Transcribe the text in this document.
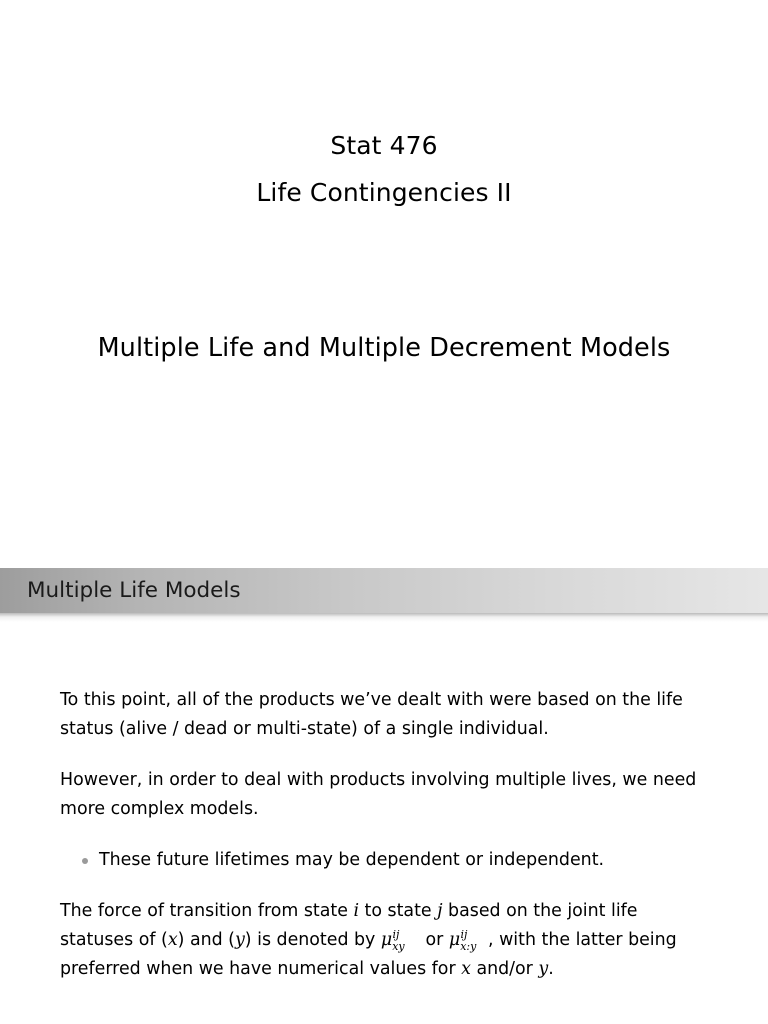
Stat 476
Life Contingencies II
Multiple Life and Multiple Decrement Models
Multiple Life Models
To this point, all of the products we’ve dealt with were based on the life status (alive / dead or multi-state) of a single individual.
However, in order to deal with products involving multiple lives, we need more complex models.
These future lifetimes may be dependent or independent.
The force of transition from state i to state j based on the joint life statuses of (x) and (y) is denoted by μ ij
xy or μ ij
x:y , with the latter being preferred when we have numerical values for x and/or y.
